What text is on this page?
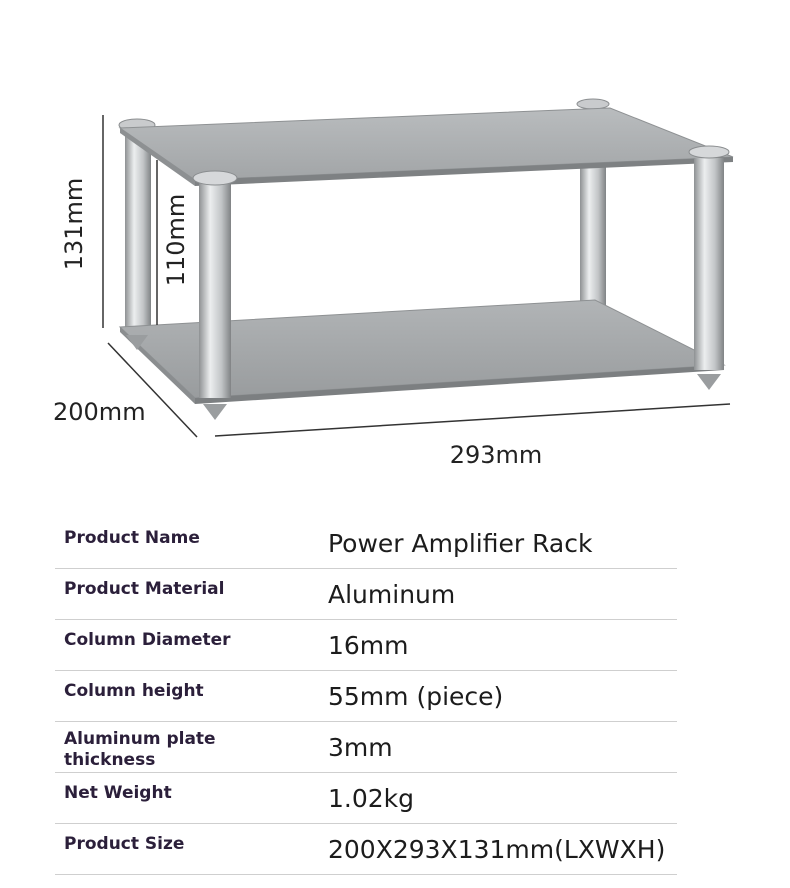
131mm	110mm
200mm
293mm
Product Name	Power Amplifier Rack
Product Material	Aluminum
Column Diameter	16mm
Column height	55mm (piece)
Aluminum plate thickness	3mm
Net Weight	1.02kg
Product Size	200X293X131mm(LXWXH)
